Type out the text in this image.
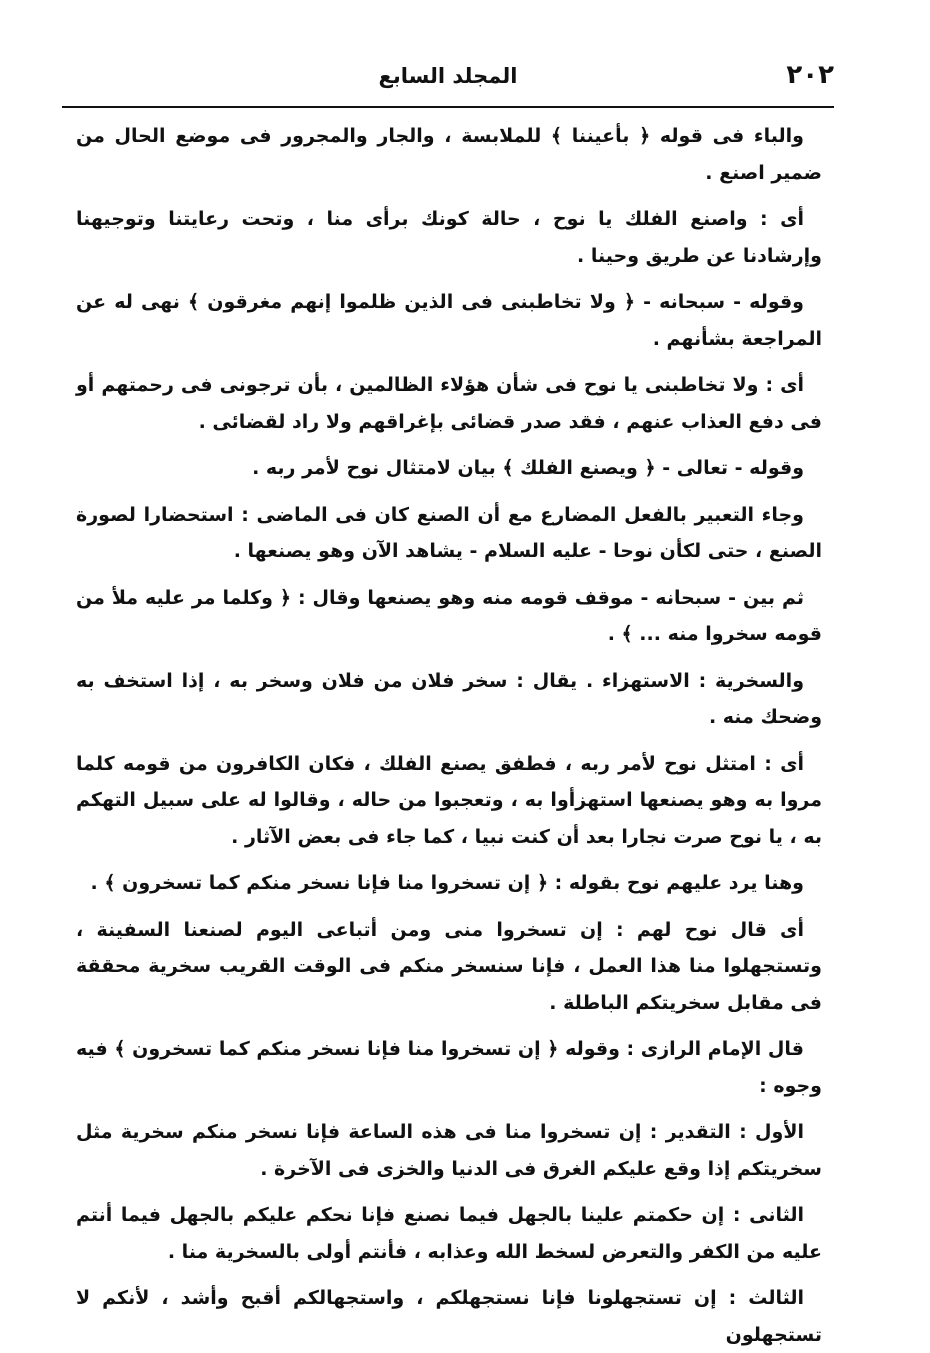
٢٠٢
المجلد السابع

والباء فى قوله ﴿ بأعيننا ﴾ للملابسة ، والجار والمجرور فى موضع الحال من ضمير اصنع .

أى : واصنع الفلك يا نوح ، حالة كونك برأى منا ، وتحت رعايتنا وتوجيهنا وإرشادنا عن طريق وحينا .

وقوله - سبحانه - ﴿ ولا تخاطبنى فى الذين ظلموا إنهم مغرقون ﴾ نهى له عن المراجعة بشأنهم .

أى : ولا تخاطبنى يا نوح فى شأن هؤلاء الظالمين ، بأن ترجونى فى رحمتهم أو فى دفع العذاب عنهم ، فقد صدر قضائى بإغراقهم ولا راد لقضائى .

وقوله - تعالى - ﴿ ويصنع الفلك ﴾ بيان لامتثال نوح لأمر ربه .

وجاء التعبير بالفعل المضارع مع أن الصنع كان فى الماضى : استحضارا لصورة الصنع ، حتى لكأن نوحا - عليه السلام - يشاهد الآن وهو يصنعها .

ثم بين - سبحانه - موقف قومه منه وهو يصنعها وقال : ﴿ وكلما مر عليه ملأ من قومه سخروا منه ... ﴾ .

والسخرية : الاستهزاء . يقال : سخر فلان من فلان وسخر به ، إذا استخف به وضحك منه .

أى : امتثل نوح لأمر ربه ، فطفق يصنع الفلك ، فكان الكافرون من قومه كلما مروا به وهو يصنعها استهزأوا به ، وتعجبوا من حاله ، وقالوا له على سبيل التهكم به ، يا نوح صرت نجارا بعد أن كنت نبيا ، كما جاء فى بعض الآثار .

وهنا يرد عليهم نوح بقوله : ﴿ إن تسخروا منا فإنا نسخر منكم كما تسخرون ﴾ .

أى قال نوح لهم : إن تسخروا منى ومن أتباعى اليوم لصنعنا السفينة ، وتستجهلوا منا هذا العمل ، فإنا سنسخر منكم فى الوقت القريب سخرية محققة فى مقابل سخريتكم الباطلة .

قال الإمام الرازى : وقوله ﴿ إن تسخروا منا فإنا نسخر منكم كما تسخرون ﴾ فيه وجوه :

الأول : التقدير : إن تسخروا منا فى هذه الساعة فإنا نسخر منكم سخرية مثل سخريتكم إذا وقع عليكم الغرق فى الدنيا والخزى فى الآخرة .

الثانى : إن حكمتم علينا بالجهل فيما نصنع فإنا نحكم عليكم بالجهل فيما أنتم عليه من الكفر والتعرض لسخط الله وعذابه ، فأنتم أولى بالسخرية منا .

الثالث : إن تستجهلونا فإنا نستجهلكم ، واستجهالكم أقبح وأشد ، لأنكم لا تستجهلون
